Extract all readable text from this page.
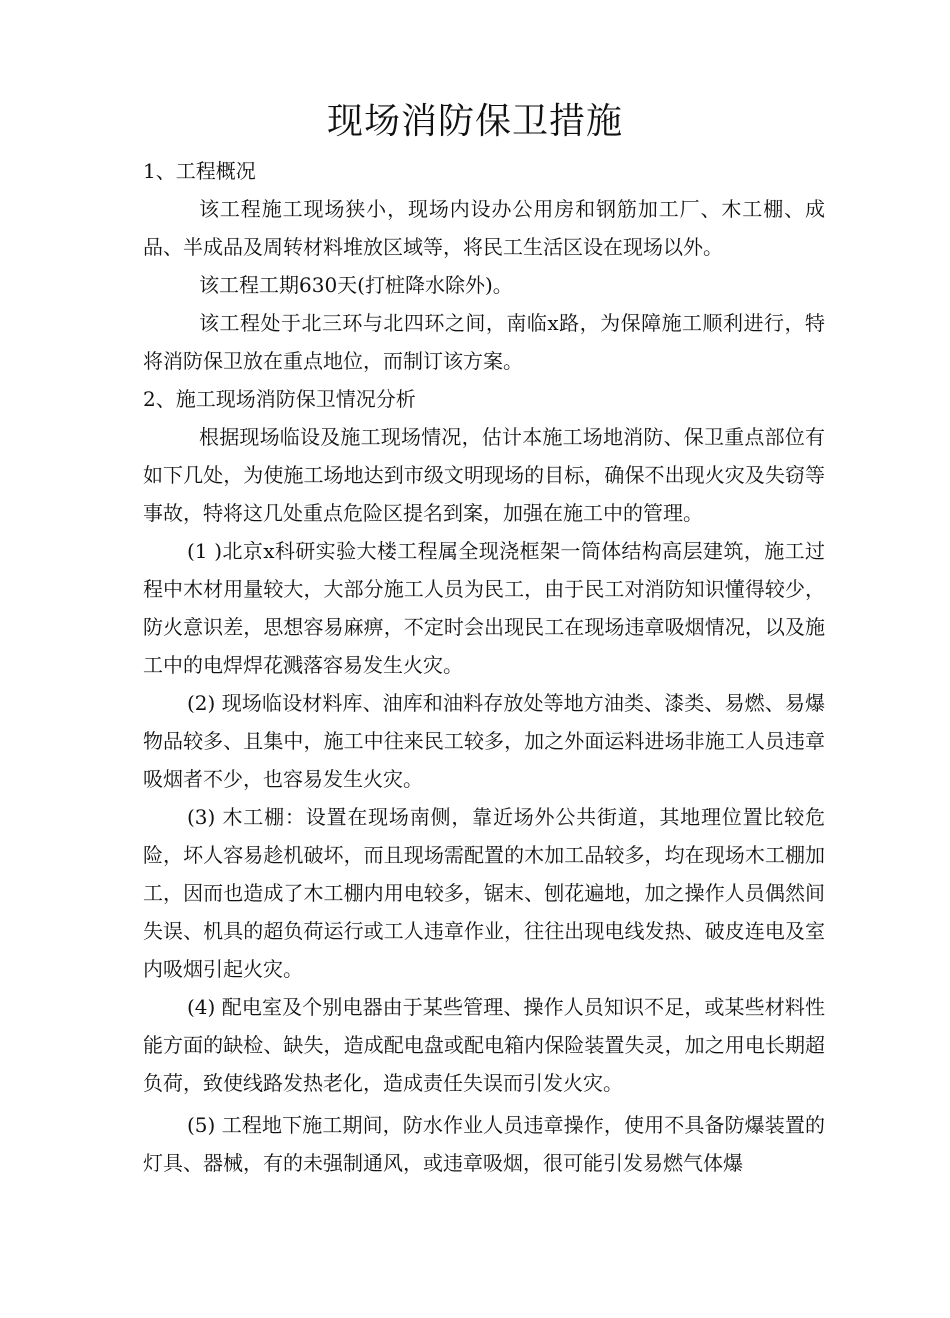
现场消防保卫措施

1、工程概况

该工程施工现场狭小，现场内设办公用房和钢筋加工厂、木工棚、成品、半成品及周转材料堆放区域等，将民工生活区设在现场以外。

该工程工期630天(打桩降水除外)。

该工程处于北三环与北四环之间，南临x路，为保障施工顺利进行，特将消防保卫放在重点地位，而制订该方案。

2、施工现场消防保卫情况分析

根据现场临设及施工现场情况，估计本施工场地消防、保卫重点部位有如下几处，为使施工场地达到市级文明现场的目标，确保不出现火灾及失窃等事故，特将这几处重点危险区提名到案，加强在施工中的管理。

(1 )北京x科研实验大楼工程属全现浇框架一筒体结构高层建筑，施工过程中木材用量较大，大部分施工人员为民工，由于民工对消防知识懂得较少，防火意识差，思想容易麻痹，不定时会出现民工在现场违章吸烟情况，以及施工中的电焊焊花溅落容易发生火灾。

(2) 现场临设材料库、油库和油料存放处等地方油类、漆类、易燃、易爆物品较多、且集中，施工中往来民工较多，加之外面运料进场非施工人员违章吸烟者不少，也容易发生火灾。

(3) 木工棚：设置在现场南侧，靠近场外公共街道，其地理位置比较危险，坏人容易趁机破坏，而且现场需配置的木加工品较多，均在现场木工棚加工，因而也造成了木工棚内用电较多，锯末、刨花遍地，加之操作人员偶然间失误、机具的超负荷运行或工人违章作业，往往出现电线发热、破皮连电及室内吸烟引起火灾。

(4) 配电室及个别电器由于某些管理、操作人员知识不足，或某些材料性能方面的缺检、缺失，造成配电盘或配电箱内保险装置失灵，加之用电长期超负荷，致使线路发热老化，造成责任失误而引发火灾。

(5) 工程地下施工期间，防水作业人员违章操作，使用不具备防爆装置的灯具、器械，有的未强制通风，或违章吸烟，很可能引发易燃气体爆
